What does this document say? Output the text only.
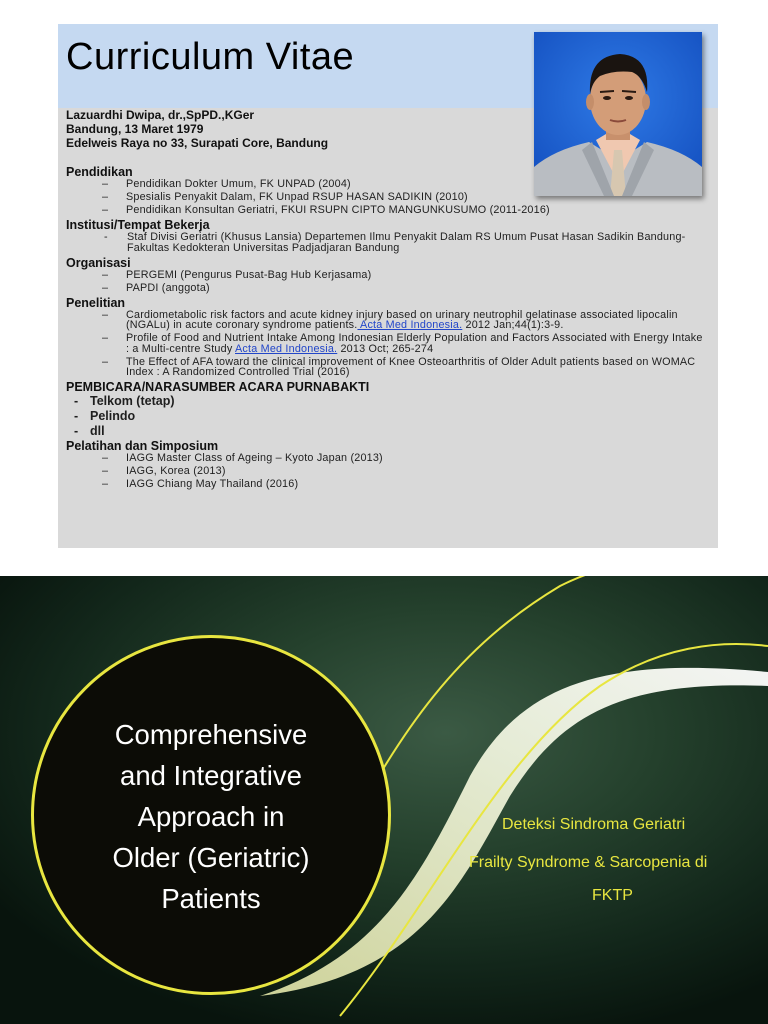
Curriculum Vitae
Lazuardhi Dwipa, dr.,SpPD.,KGer
Bandung, 13 Maret 1979
Edelweis Raya no 33, Surapati Core, Bandung
Pendidikan
– Pendidikan Dokter Umum, FK UNPAD (2004)
– Spesialis Penyakit Dalam, FK Unpad RSUP HASAN SADIKIN (2010)
– Pendidikan Konsultan Geriatri, FKUI RSUPN CIPTO MANGUNKUSUMO (2011-2016)
Institusi/Tempat Bekerja
- Staf Divisi Geriatri (Khusus Lansia) Departemen Ilmu Penyakit Dalam RS Umum Pusat Hasan Sadikin Bandung-Fakultas Kedokteran Universitas Padjadjaran Bandung
Organisasi
– PERGEMI (Pengurus Pusat-Bag Hub Kerjasama)
– PAPDI (anggota)
Penelitian
– Cardiometabolic risk factors and acute kidney injury based on urinary neutrophil gelatinase associated lipocalin (NGALu) in acute coronary syndrome patients. Acta Med Indonesia. 2012 Jan;44(1):3-9.
– Profile of Food and Nutrient Intake Among Indonesian Elderly Population and Factors Associated with Energy Intake : a Multi-centre Study Acta Med Indonesia. 2013 Oct; 265-274
– The Effect of AFA toward the clinical improvement of Knee Osteoarthritis of Older Adult patients based on WOMAC Index : A Randomized Controlled Trial (2016)
PEMBICARA/NARASUMBER ACARA PURNABAKTI
- Telkom (tetap)
- Pelindo
- dll
Pelatihan dan Simposium
– IAGG Master Class of Ageing – Kyoto Japan (2013)
– IAGG, Korea (2013)
– IAGG Chiang May Thailand (2016)
Comprehensive
and Integrative
Approach in
Older (Geriatric)
Patients
Deteksi Sindroma Geriatri
Frailty Syndrome & Sarcopenia di
FKTP
